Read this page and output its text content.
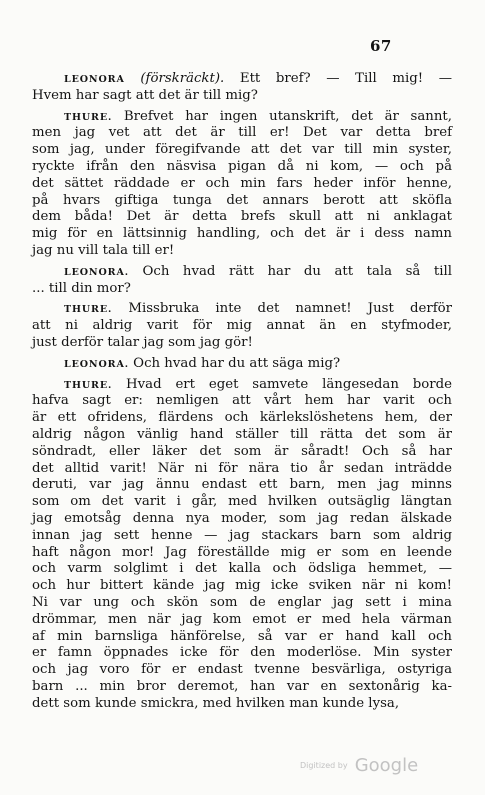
67
LEONORA (förskräckt). Ett bref? — Till mig! —
Hvem har sagt att det är till mig?
THURE. Brefvet har ingen utanskrift, det är sannt,
men jag vet att det är till er! Det var detta bref
som jag, under föregifvande att det var till min syster,
ryckte ifrån den näsvisa pigan då ni kom, — och på
det sättet räddade er och min fars heder inför henne,
på hvars giftiga tunga det annars berott att sköfla
dem båda! Det är detta brefs skull att ni anklagat
mig för en lättsinnig handling, och det är i dess namn
jag nu vill tala till er!
LEONORA. Och hvad rätt har du att tala så till
... till din mor?
THURE. Missbruka inte det namnet! Just derför
att ni aldrig varit för mig annat än en styfmoder,
just derför talar jag som jag gör!
LEONORA. Och hvad har du att säga mig?
THURE. Hvad ert eget samvete längesedan borde
hafva sagt er: nemligen att vårt hem har varit och
är ett ofridens, flärdens och kärlekslöshetens hem, der
aldrig någon vänlig hand ställer till rätta det som är
söndradt, eller läker det som är såradt! Och så har
det alltid varit! När ni för nära tio år sedan inträdde
deruti, var jag ännu endast ett barn, men jag minns
som om det varit i går, med hvilken outsäglig längtan
jag emotsåg denna nya moder, som jag redan älskade
innan jag sett henne — jag stackars barn som aldrig
haft någon mor! Jag föreställde mig er som en leende
och varm solglimt i det kalla och ödsliga hemmet, —
och hur bittert kände jag mig icke sviken när ni kom!
Ni var ung och skön som de englar jag sett i mina
drömmar, men när jag kom emot er med hela värman
af min barnsliga hänförelse, så var er hand kall och
er famn öppnades icke för den moderlöse. Min syster
och jag voro för er endast tvenne besvärliga, ostyriga
barn ... min bror deremot, han var en sextonårig ka-
dett som kunde smickra, med hvilken man kunde lysa,
Digitized by Google
